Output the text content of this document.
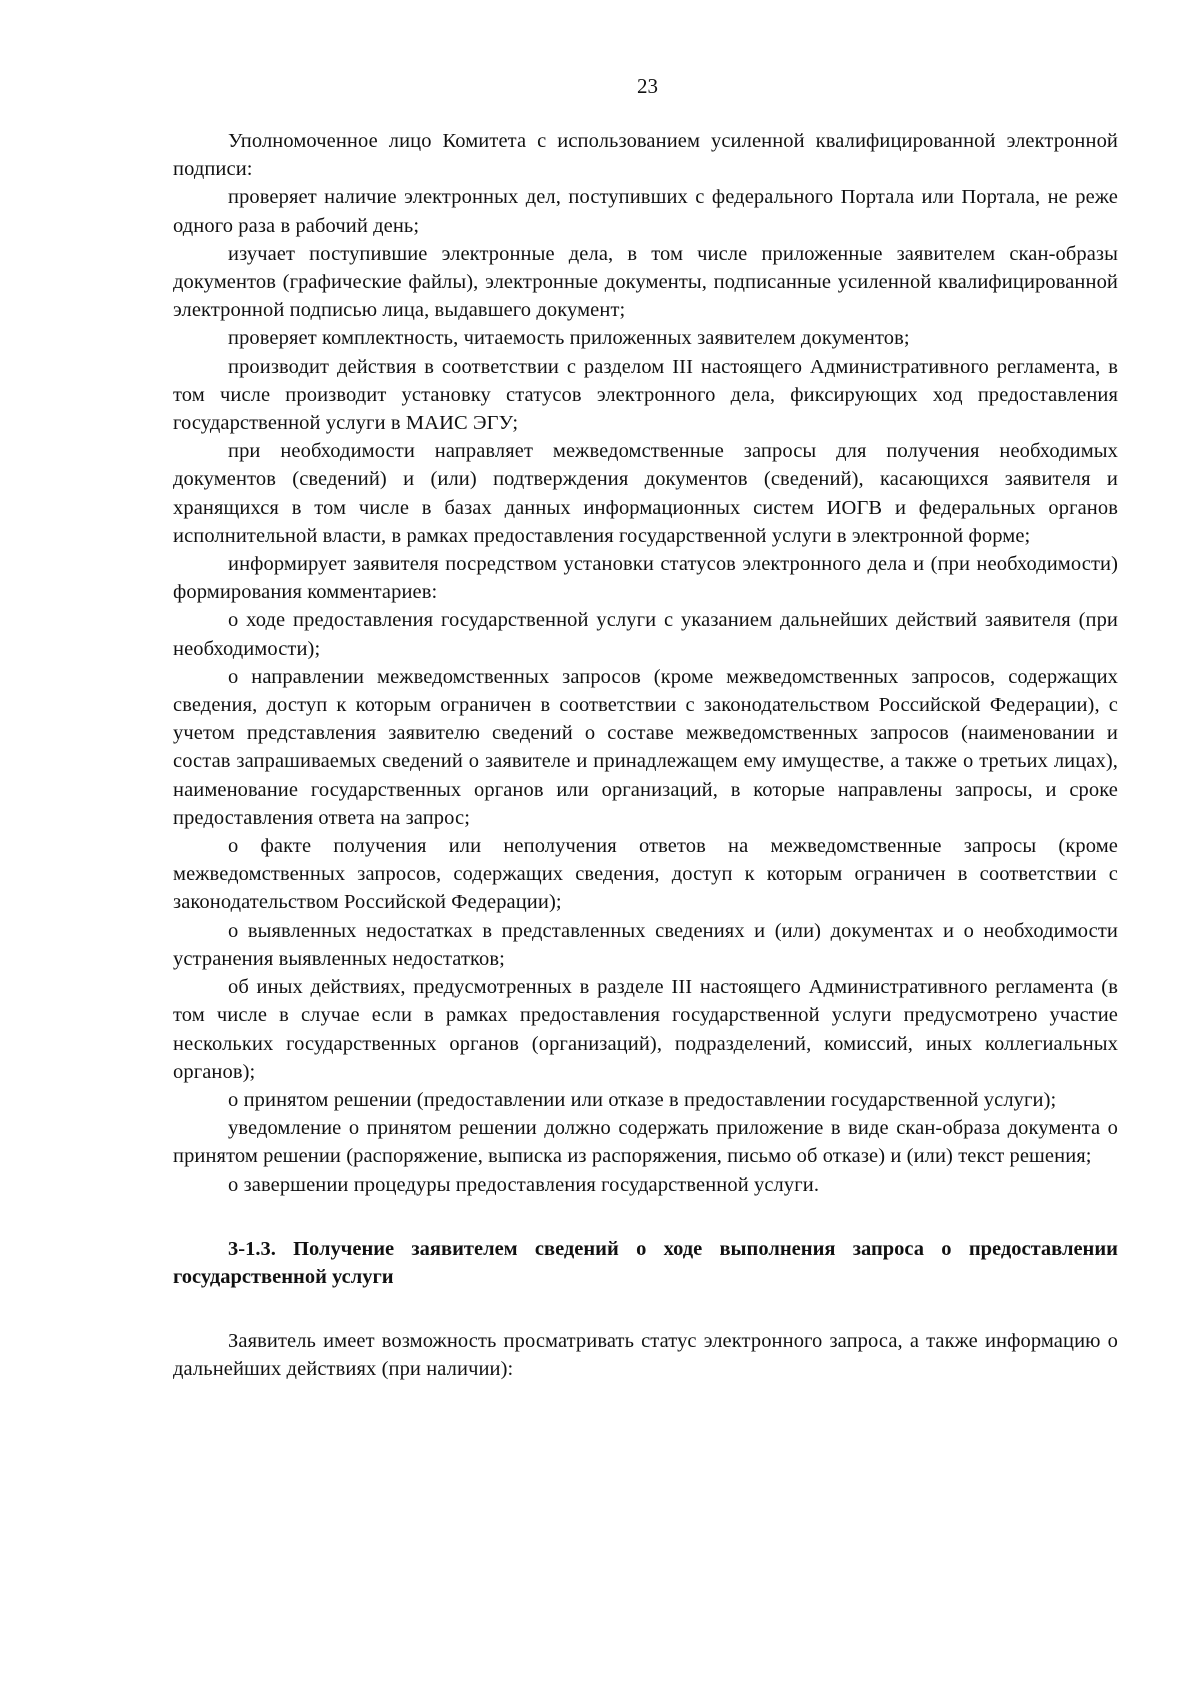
23

Уполномоченное лицо Комитета с использованием усиленной квалифицированной электронной подписи:

проверяет наличие электронных дел, поступивших с федерального Портала или Портала, не реже одного раза в рабочий день;

изучает поступившие электронные дела, в том числе приложенные заявителем скан-образы документов (графические файлы), электронные документы, подписанные усиленной квалифицированной электронной подписью лица, выдавшего документ;

проверяет комплектность, читаемость приложенных заявителем документов;

производит действия в соответствии с разделом III настоящего Административного регламента, в том числе производит установку статусов электронного дела, фиксирующих ход предоставления государственной услуги в МАИС ЭГУ;

при необходимости направляет межведомственные запросы для получения необходимых документов (сведений) и (или) подтверждения документов (сведений), касающихся заявителя и хранящихся в том числе в базах данных информационных систем ИОГВ и федеральных органов исполнительной власти, в рамках предоставления государственной услуги в электронной форме;

информирует заявителя посредством установки статусов электронного дела и (при необходимости) формирования комментариев:

о ходе предоставления государственной услуги с указанием дальнейших действий заявителя (при необходимости);

о направлении межведомственных запросов (кроме межведомственных запросов, содержащих сведения, доступ к которым ограничен в соответствии с законодательством Российской Федерации), с учетом представления заявителю сведений о составе межведомственных запросов (наименовании и состав запрашиваемых сведений о заявителе и принадлежащем ему имуществе, а также о третьих лицах), наименование государственных органов или организаций, в которые направлены запросы, и сроке предоставления ответа на запрос;

о факте получения или неполучения ответов на межведомственные запросы (кроме межведомственных запросов, содержащих сведения, доступ к которым ограничен в соответствии с законодательством Российской Федерации);

о выявленных недостатках в представленных сведениях и (или) документах и о необходимости устранения выявленных недостатков;

об иных действиях, предусмотренных в разделе III настоящего Административного регламента (в том числе в случае если в рамках предоставления государственной услуги предусмотрено участие нескольких государственных органов (организаций), подразделений, комиссий, иных коллегиальных органов);

о принятом решении (предоставлении или отказе в предоставлении государственной услуги);

уведомление о принятом решении должно содержать приложение в виде скан-образа документа о принятом решении (распоряжение, выписка из распоряжения, письмо об отказе) и (или) текст решения;

о завершении процедуры предоставления государственной услуги.

3-1.3. Получение заявителем сведений о ходе выполнения запроса о предоставлении государственной услуги

Заявитель имеет возможность просматривать статус электронного запроса, а также информацию о дальнейших действиях (при наличии):
